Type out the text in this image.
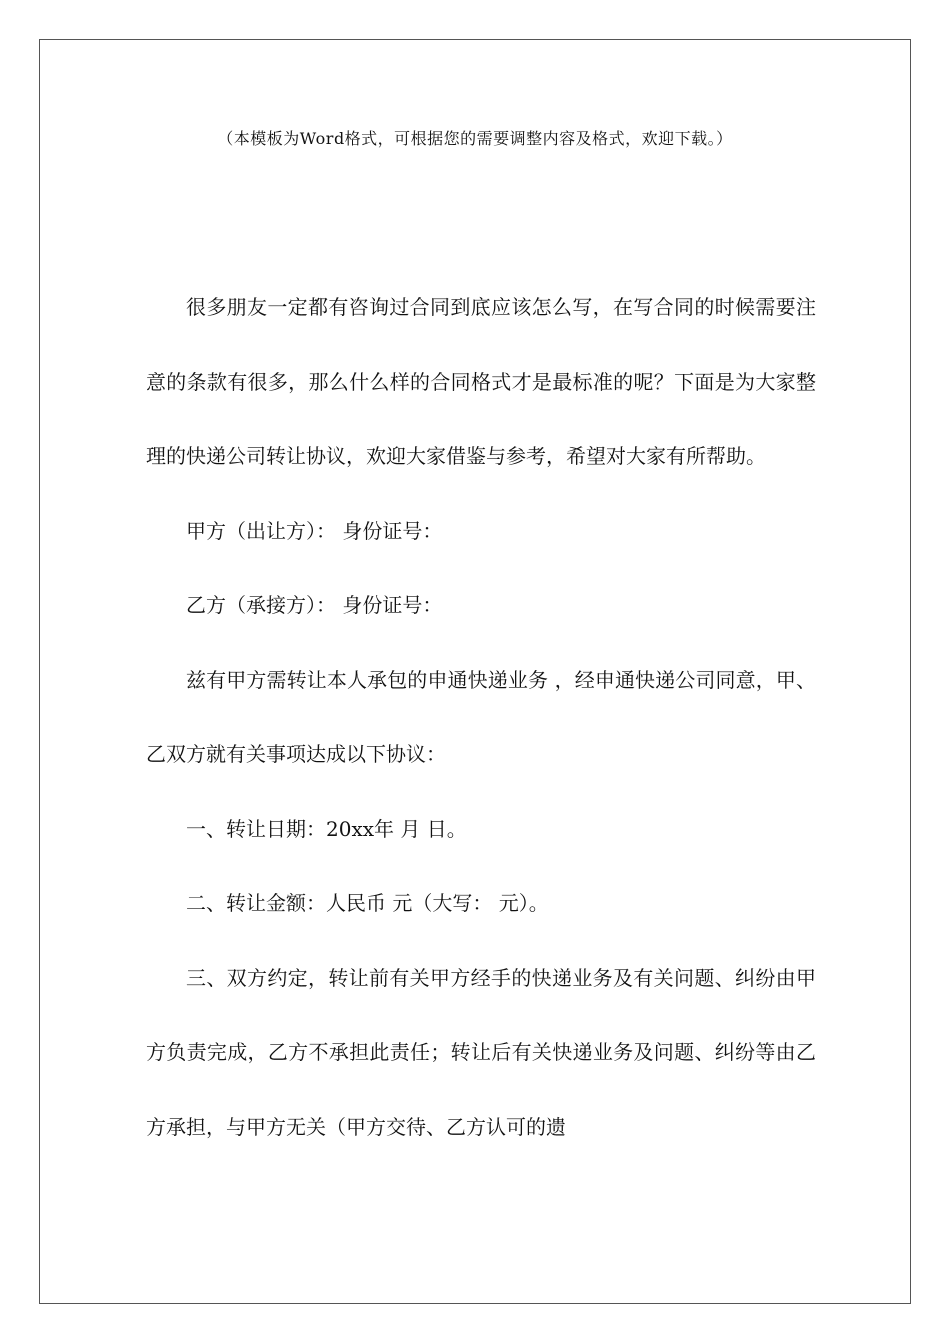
（本模板为Word格式，可根据您的需要调整内容及格式，欢迎下载。）

很多朋友一定都有咨询过合同到底应该怎么写，在写合同的时候需要注意的条款有很多，那么什么样的合同格式才是最标准的呢？下面是为大家整理的快递公司转让协议，欢迎大家借鉴与参考，希望对大家有所帮助。

甲方（出让方）： 身份证号：

乙方（承接方）： 身份证号：

兹有甲方需转让本人承包的申通快递业务 ，经申通快递公司同意，甲、乙双方就有关事项达成以下协议：

一、转让日期：20xx年 月 日。

二、转让金额：人民币 元（大写： 元）。

三、双方约定，转让前有关甲方经手的快递业务及有关问题、纠纷由甲方负责完成，乙方不承担此责任；转让后有关快递业务及问题、纠纷等由乙方承担，与甲方无关（甲方交待、乙方认可的遗
